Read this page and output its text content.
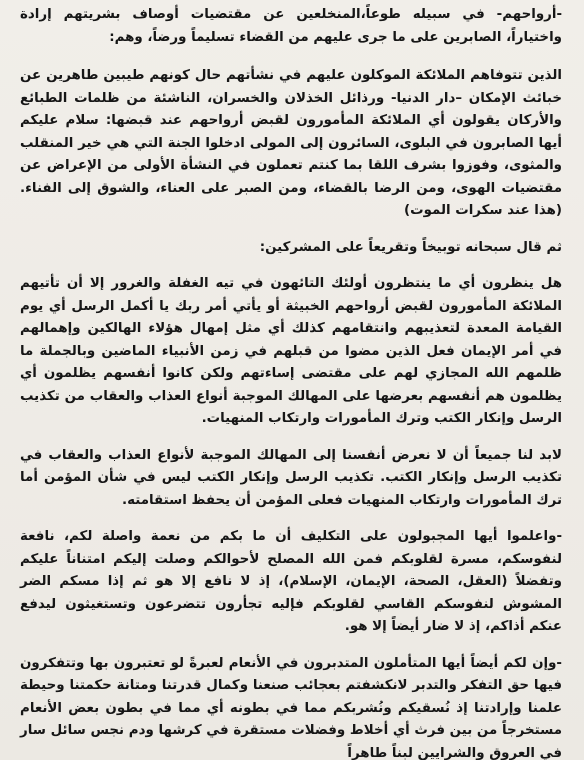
-أرواحهم- في سبيله طوعاً،المنخلعين عن مقتضيات أوصاف بشريتهم إرادة واختياراً، الصابرين على ما جرى عليهم من القضاء تسليماً ورضاً، وهم:

الذين تتوفاهم الملائكة الموكلون عليهم في نشأتهم حال كونهم طيبين طاهرين عن خبائث الإمكان –دار الدنيا- ورذائل الخذلان والخسران، الناشئة من ظلمات الطبائع والأركان يقولون أي الملائكة المأمورون لقبض أرواحهم عند قبضها: سلام عليكم أيها الصابرون في البلوى، السائرون إلى المولى ادخلوا الجنة التي هي خير المنقلب والمثوى، وفوزوا بشرف اللقا بما كنتم تعملون في النشأة الأولى من الإعراض عن مقتضيات الهوى، ومن الرضا بالقضاء، ومن الصبر على العناء، والشوق إلى الفناء. (هذا عند سكرات الموت)

ثم قال سبحانه توبيخاً وتقريعاً على المشركين:

هل ينظرون أي ما ينتظرون أولئك التائهون في تيه الغفلة والغرور إلا أن تأتيهم الملائكة المأمورون لقبض أرواحهم الخبيثة أو يأتي أمر ربك يا أكمل الرسل أي يوم القيامة المعدة لتعذيبهم وانتقامهم كذلك أي مثل إمهال هؤلاء الهالكين وإهمالهم في أمر الإيمان فعل الذين مضوا من قبلهم في زمن الأنبياء الماضين وبالجملة ما ظلمهم الله المجازي لهم على مقتضى إساءتهم ولكن كانوا أنفسهم يظلمون أي يظلمون هم أنفسهم بعرضها على المهالك الموجبة أنواع العذاب والعقاب من تكذيب الرسل وإنكار الكتب وترك المأمورات وارتكاب المنهيات.

لابد لنا جميعاً أن لا نعرض أنفسنا إلى المهالك الموجبة لأنواع العذاب والعقاب في تكذيب الرسل وإنكار الكتب. تكذيب الرسل وإنكار الكتب ليس في شأن المؤمن أما ترك المأمورات وارتكاب المنهيات فعلى المؤمن أن يحفظ استقامته.

-واعلموا أيها المجبولون على التكليف أن ما بكم من نعمة واصلة لكم، نافعة لنفوسكم، مسرة لقلوبكم فمن الله المصلح لأحوالكم وصلت إليكم امتناناً عليكم وتفضلاً (العقل، الصحة، الإيمان، الإسلام)، إذ لا نافع إلا هو ثم إذا مسكم الضر المشوش لنفوسكم القاسي لقلوبكم فإليه تجأرون تتضرعون وتستغيثون ليدفع عنكم أذاكم، إذ لا ضار أيضاً إلا هو.

-وإن لكم أيضاً أيها المتأملون المتدبرون في الأنعام لعبرةً لو تعتبرون بها وتتفكرون فيها حق التفكر والتدبر لانكشفتم بعجائب صنعنا وكمال قدرتنا ومتانة حكمتنا وحيطة علمنا وإرادتنا إذ نُسقيكم ونُشربكم مما في بطونه أي مما في بطون بعض الأنعام مستخرجاً من بين فرث أي أخلاط وفضلات مستقرة في كرشها ودم نجس سائل سار في العروق والشرايين لبناً طاهراً
